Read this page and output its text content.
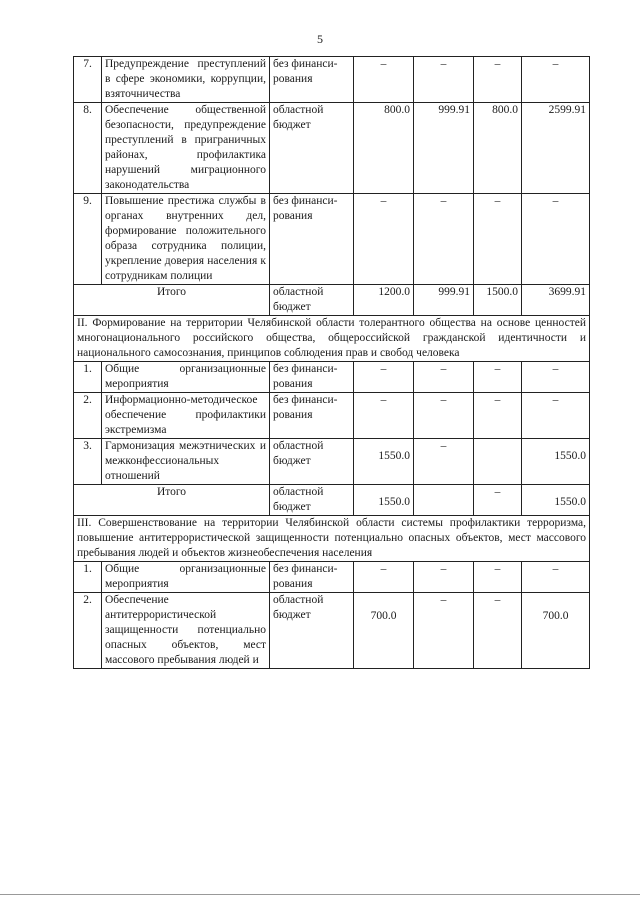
5
7.	Предупреждение преступлений в сфере экономики, коррупции, взяточничества	без финанси-рования	–	–	–	–
8.	Обеспечение общественной безопасности, предупреждение преступлений в приграничных районах, профилактика нарушений миграционного законодательства	областной бюджет	800.0	999.91	800.0	2599.91
9.	Повышение престижа службы в органах внутренних дел, формирование положительного образа сотрудника полиции, укрепление доверия населения к сотрудникам полиции	без финанси-рования	–	–	–	–
Итого		областной бюджет	1200.0	999.91	1500.0	3699.91
II. Формирование на территории Челябинской области толерантного общества на основе ценностей многонационального российского общества, общероссийской гражданской идентичности и национального самосознания, принципов соблюдения прав и свобод человека						
1.	Общие организационные мероприятия	без финанси-рования	–	–	–	–
2.	Информационно-методическое обеспечение профилактики экстремизма	без финанси-рования	–	–	–	–
3.	Гармонизация межэтнических и межконфессиональных отношений	областной бюджет	1550.0	–		1550.0

Итого		областной бюджет	1550.0		–	1550.0

III. Совершенствование на территории Челябинской области системы профилактики терроризма, повышение антитеррористической защищенности потенциально опасных объектов, мест массового пребывания людей и объектов жизнеобеспечения населения						
1.	Общие организационные мероприятия	без финанси-рования	–	–	–	–
2.	Обеспечение антитеррористической защищенности потенциально опасных объектов, мест массового пребывания людей и	областной бюджет	700.0	–	–	700.0
